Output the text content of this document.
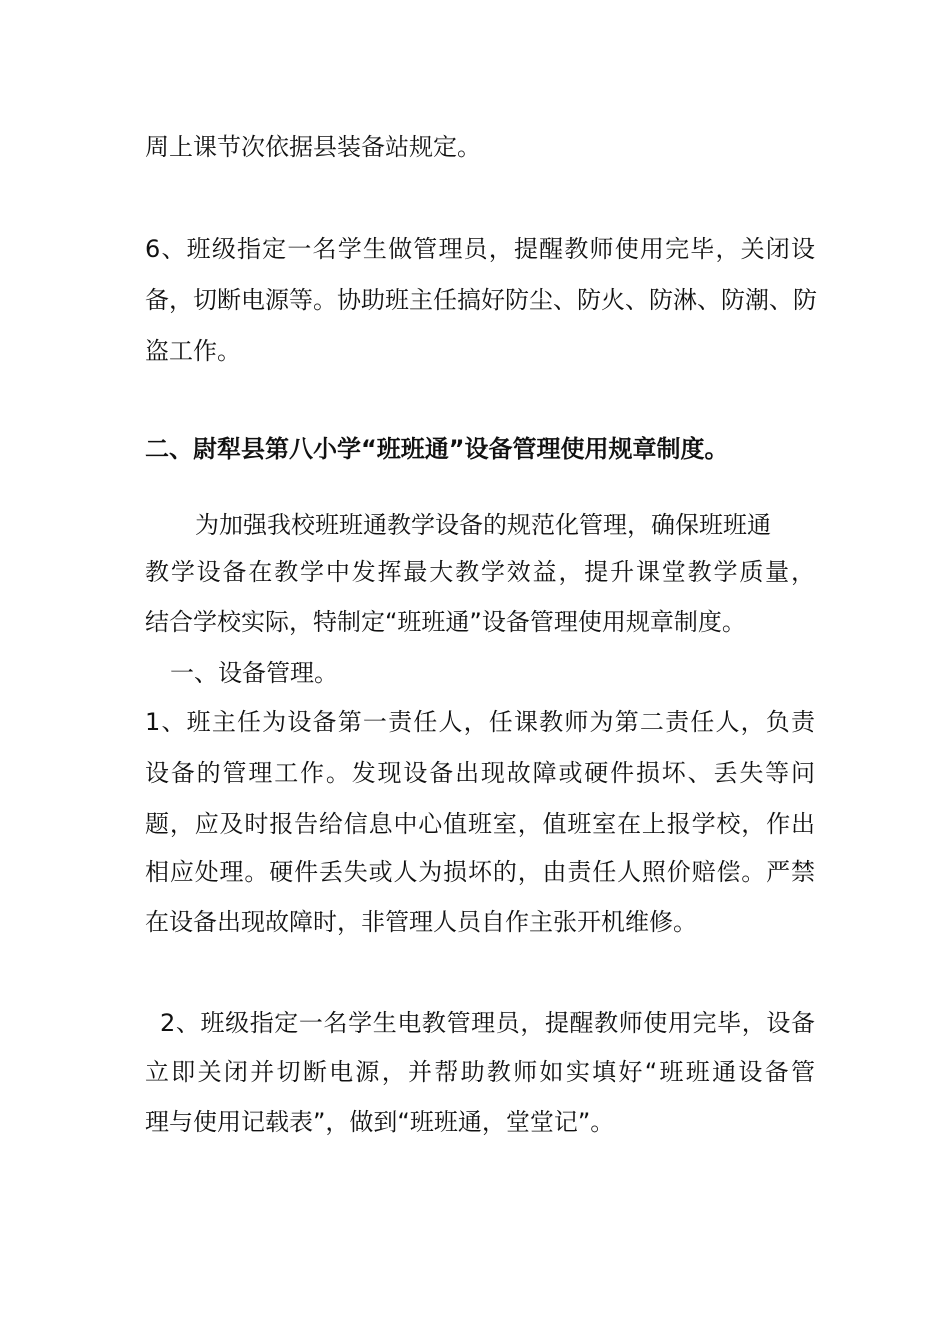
周上课节次依据县装备站规定。
6、班级指定一名学生做管理员，提醒教师使用完毕，关闭设
备，切断电源等。协助班主任搞好防尘、防火、防淋、防潮、防
盗工作。
二、尉犁县第八小学“班班通”设备管理使用规章制度。
为加强我校班班通教学设备的规范化管理，确保班班通
教学设备在教学中发挥最大教学效益，提升课堂教学质量，
结合学校实际，特制定“班班通”设备管理使用规章制度。
一、设备管理。
1、班主任为设备第一责任人，任课教师为第二责任人，负责
设备的管理工作。发现设备出现故障或硬件损坏、丢失等问
题，应及时报告给信息中心值班室，值班室在上报学校，作出
相应处理。硬件丢失或人为损坏的，由责任人照价赔偿。严禁
在设备出现故障时，非管理人员自作主张开机维修。
2、班级指定一名学生电教管理员，提醒教师使用完毕，设备
立即关闭并切断电源，并帮助教师如实填好“班班通设备管
理与使用记载表”，做到“班班通，堂堂记”。
